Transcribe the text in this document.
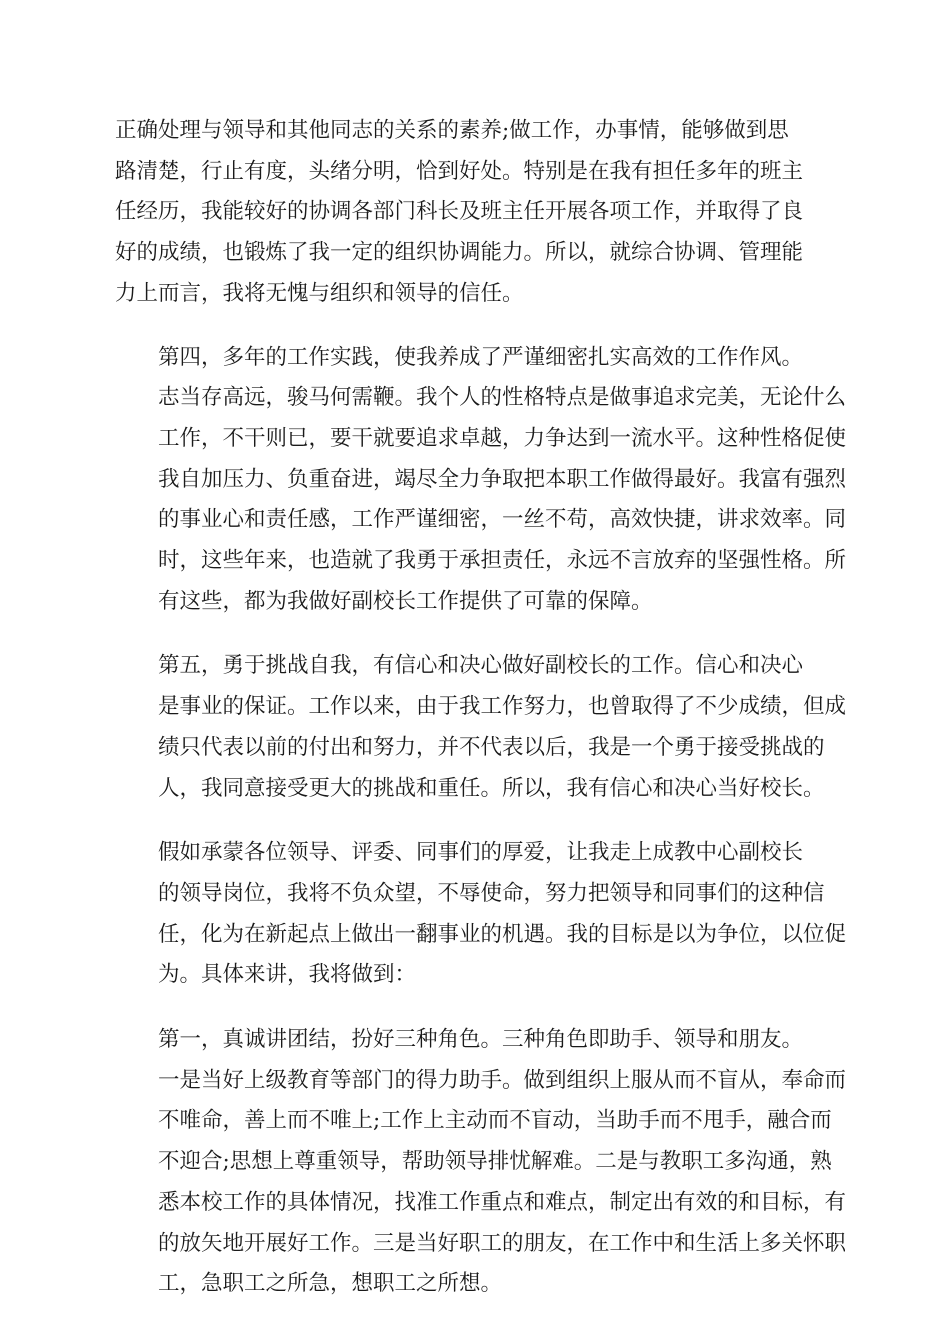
正确处理与领导和其他同志的关系的素养;做工作，办事情，能够做到思
路清楚，行止有度，头绪分明，恰到好处。特别是在我有担任多年的班主
任经历，我能较好的协调各部门科长及班主任开展各项工作，并取得了良
好的成绩，也锻炼了我一定的组织协调能力。所以，就综合协调、管理能
力上而言，我将无愧与组织和领导的信任。

第四，多年的工作实践，使我养成了严谨细密扎实高效的工作作风。
志当存高远，骏马何需鞭。我个人的性格特点是做事追求完美，无论什么
工作，不干则已，要干就要追求卓越，力争达到一流水平。这种性格促使
我自加压力、负重奋进，竭尽全力争取把本职工作做得最好。我富有强烈
的事业心和责任感，工作严谨细密，一丝不苟，高效快捷，讲求效率。同
时，这些年来，也造就了我勇于承担责任，永远不言放弃的坚强性格。所
有这些，都为我做好副校长工作提供了可靠的保障。

第五，勇于挑战自我，有信心和决心做好副校长的工作。信心和决心
是事业的保证。工作以来，由于我工作努力，也曾取得了不少成绩，但成
绩只代表以前的付出和努力，并不代表以后，我是一个勇于接受挑战的
人，我同意接受更大的挑战和重任。所以，我有信心和决心当好校长。

假如承蒙各位领导、评委、同事们的厚爱，让我走上成教中心副校长
的领导岗位，我将不负众望，不辱使命，努力把领导和同事们的这种信
任，化为在新起点上做出一翻事业的机遇。我的目标是以为争位，以位促
为。具体来讲，我将做到：

第一，真诚讲团结，扮好三种角色。三种角色即助手、领导和朋友。
一是当好上级教育等部门的得力助手。做到组织上服从而不盲从，奉命而
不唯命，善上而不唯上;工作上主动而不盲动，当助手而不甩手，融合而
不迎合;思想上尊重领导，帮助领导排忧解难。二是与教职工多沟通，熟
悉本校工作的具体情况，找准工作重点和难点，制定出有效的和目标，有
的放矢地开展好工作。三是当好职工的朋友，在工作中和生活上多关怀职
工，急职工之所急，想职工之所想。
